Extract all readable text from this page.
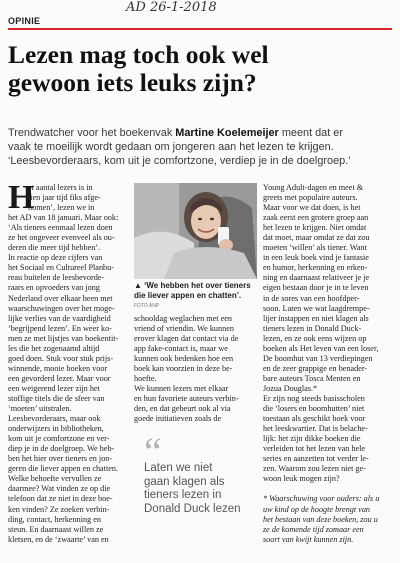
AD 26-1-2018
OPINIE
Lezen mag toch ook wel
gewoon iets leuks zijn?
Trendwatcher voor het boekenvak Martine Koelemeijer meent dat er
vaak te moeilijk wordt gedaan om jongeren aan het lezen te krijgen.
‘Leesbevorderaars, kom uit je comfortzone, verdiep je in de doelgroep.’
H
et aantal lezers is in
tien jaar tijd fiks afge-
nomen’, lezen we in
het AD van 18 januari. Maar ook:
‘Als tieners eenmaal lezen doen
ze het ongeveer evenveel als ou-
deren die meer tijd hebben’.
In reactie op deze cijfers van
het Sociaal en Cultureel Planbu-
reau buitelen de leesbevorde-
raars en opvoeders van jong
Nederland over elkaar heen met
waarschuwingen over het moge-
lijke verlies van de vaardigheid
‘begrijpend lezen’. En weer ko-
men ze met lijstjes van boekentit-
les die het zogenaamd altijd
goed doen. Stuk voor stuk prijs-
winnende, mooie boeken voor
een gevorderd lezer. Maar voor
een weigerend lezer zijn het
stoffige titels die de sfeer van
‘moeten’ uitstralen.
Leesbevorderaars, maar ook
onderwijzers in bibliotheken,
kom uit je comfortzone en ver-
diep je in de doelgroep. We heb-
ben het hier over tieners en jon-
geren die liever appen en chatten.
Welke behoefte vervullen ze
daarmee? Wat vinden ze op die
telefoon dat ze niet in deze boe-
ken vinden? Ze zoeken verbin-
ding, contact, herkenning en
steun. En daarnaast willen ze
kletsen, en de ‘zwaarte’ van en
▲ ‘We hebben het over tieners
die liever appen en chatten’.
FOTO ANP
schooldag weglachen met een
vriend of vriendin. We kunnen
erover klagen dat contact via de
app fake-contact is, maar we
kunnen ook bedenken hoe een
boek kan voorzien in deze be-
hoefte.
We kunnen lezers met elkaar
en hun favoriete auteurs verbin-
den, en dat gebeurt ook al via
goede initiatieven zoals de
“
Laten we niet
gaan klagen als
tieners lezen in
Donald Duck lezen
Young Adult-dagen en meet &
greets met populaire auteurs.
Maar voor we dat doen, is het
zaak eerst een grotere groep aan
het lezen te krijgen. Niet omdat
dat moet, maar omdat ze dat zou
moeten ‘willen’ als tiener. Want
in een leuk boek vind je fantasie
en humor, herkenning en erken-
ning en daarnaast relativeer je je
eigen bestaan door je in te leven
in de sores van een hoofdper-
soon. Laten we wat laagdrempe-
lijer instappen en niet klagen als
tieners lezen in Donald Duck-
lezen, en ze ook eens wijzen op
boeken als Het leven van een loser,
De boomhut van 13 verdiepingen
en de zeer grappige en benader-
bare auteurs Tosca Menten en
Jozua Douglas.*
Er zijn nog steeds basisscholen
die ‘losers en boomhutten’ niet
toestaan als geschikt boek voor
het leeskwartier. Dat is belache-
lijk: het zijn dikke boeken die
verleiden tot het lezen van hele
series en aanzetten tot verder le-
zen. Waarom zou lezen niet ge-
woon leuk mogen zijn?

* Waarschuwing voor ouders: als u
uw kind op de hoogte brengt van
het bestaan van deze boeken, zou u
ze de komende tijd zomaar een
soort van kwijt kunnen zijn.
